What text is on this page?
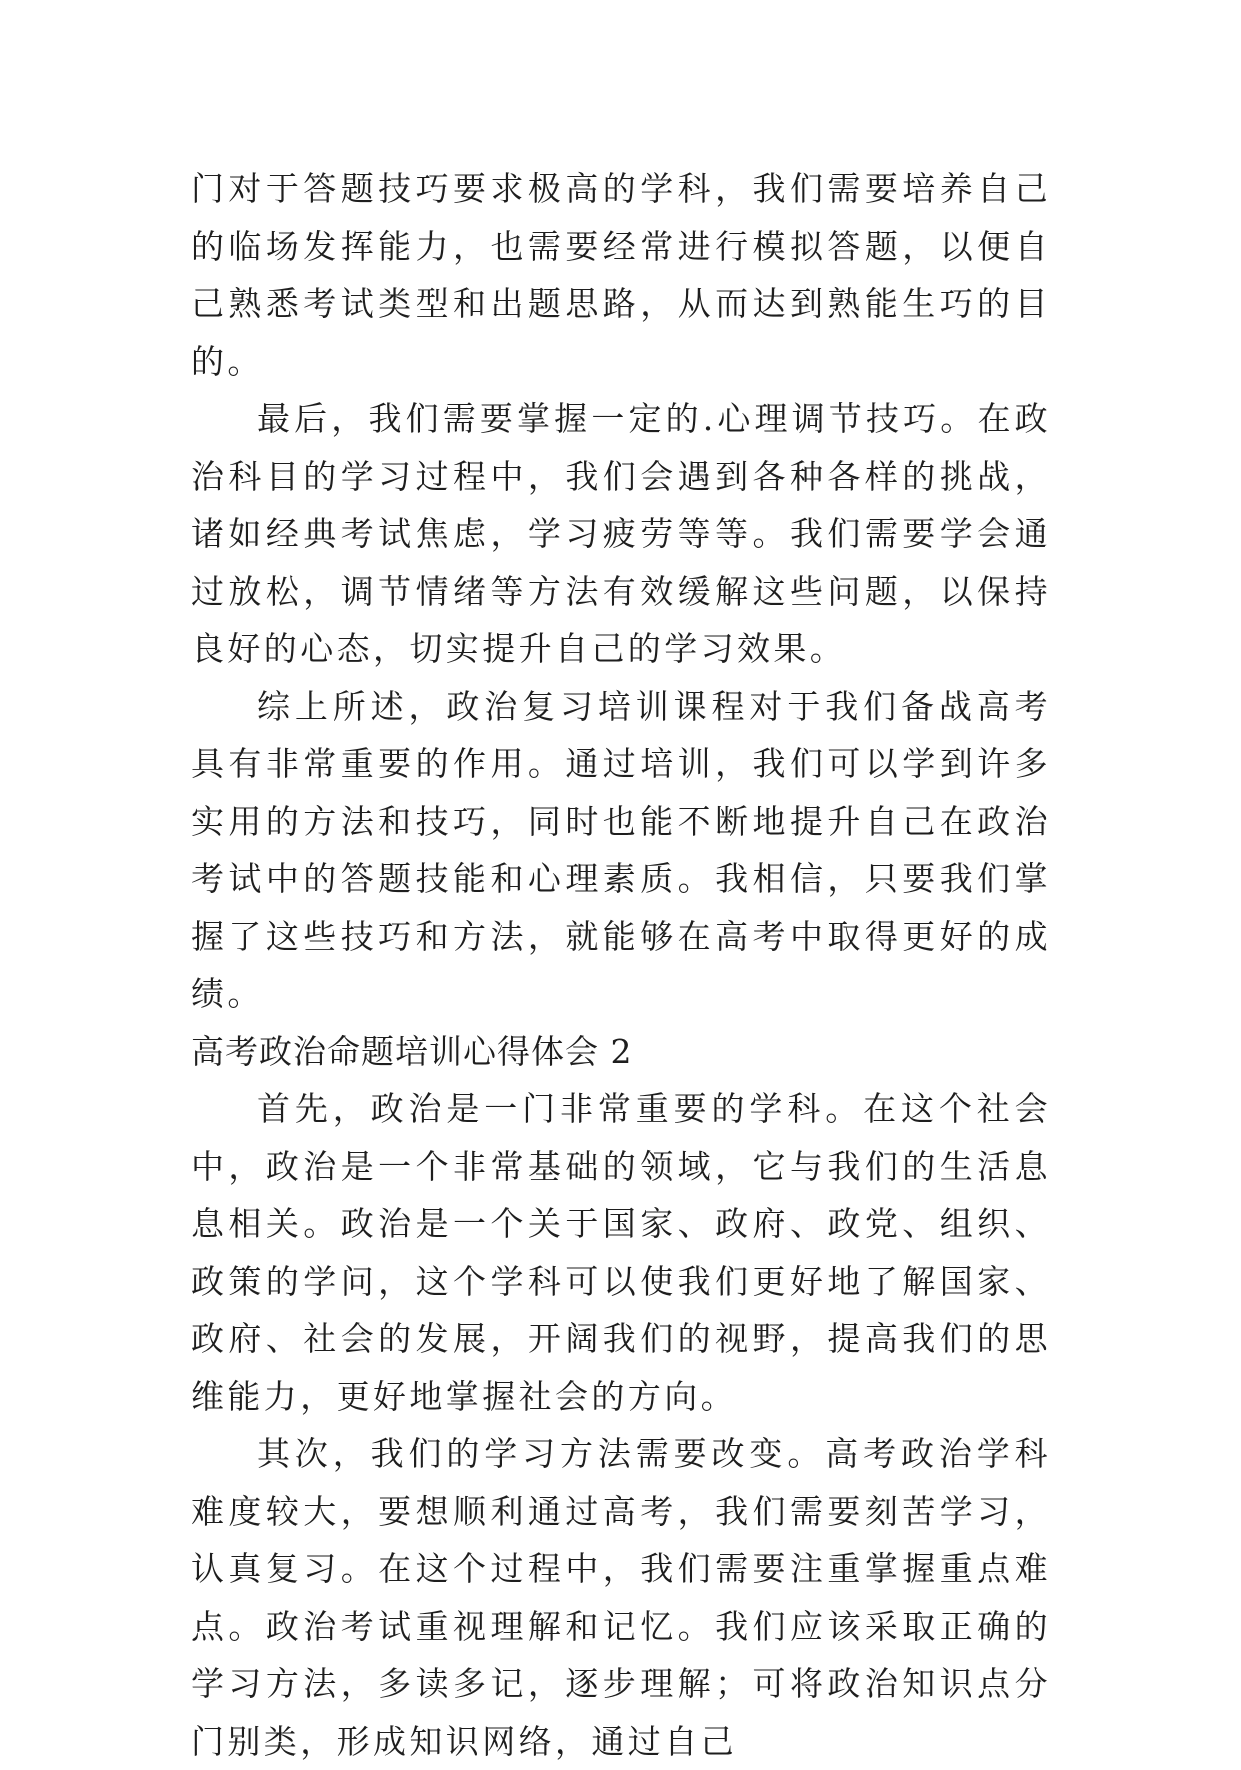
门对于答题技巧要求极高的学科，我们需要培养自己的临场发挥能力，也需要经常进行模拟答题，以便自己熟悉考试类型和出题思路，从而达到熟能生巧的目的。

最后，我们需要掌握一定的.心理调节技巧。在政治科目的学习过程中，我们会遇到各种各样的挑战，诸如经典考试焦虑，学习疲劳等等。我们需要学会通过放松，调节情绪等方法有效缓解这些问题，以保持良好的心态，切实提升自己的学习效果。

综上所述，政治复习培训课程对于我们备战高考具有非常重要的作用。通过培训，我们可以学到许多实用的方法和技巧，同时也能不断地提升自己在政治考试中的答题技能和心理素质。我相信，只要我们掌握了这些技巧和方法，就能够在高考中取得更好的成绩。

高考政治命题培训心得体会 2

首先，政治是一门非常重要的学科。在这个社会中，政治是一个非常基础的领域，它与我们的生活息息相关。政治是一个关于国家、政府、政党、组织、政策的学问，这个学科可以使我们更好地了解国家、政府、社会的发展，开阔我们的视野，提高我们的思维能力，更好地掌握社会的方向。

其次，我们的学习方法需要改变。高考政治学科难度较大，要想顺利通过高考，我们需要刻苦学习，认真复习。在这个过程中，我们需要注重掌握重点难点。政治考试重视理解和记忆。我们应该采取正确的学习方法，多读多记，逐步理解；可将政治知识点分门别类，形成知识网络，通过自己
